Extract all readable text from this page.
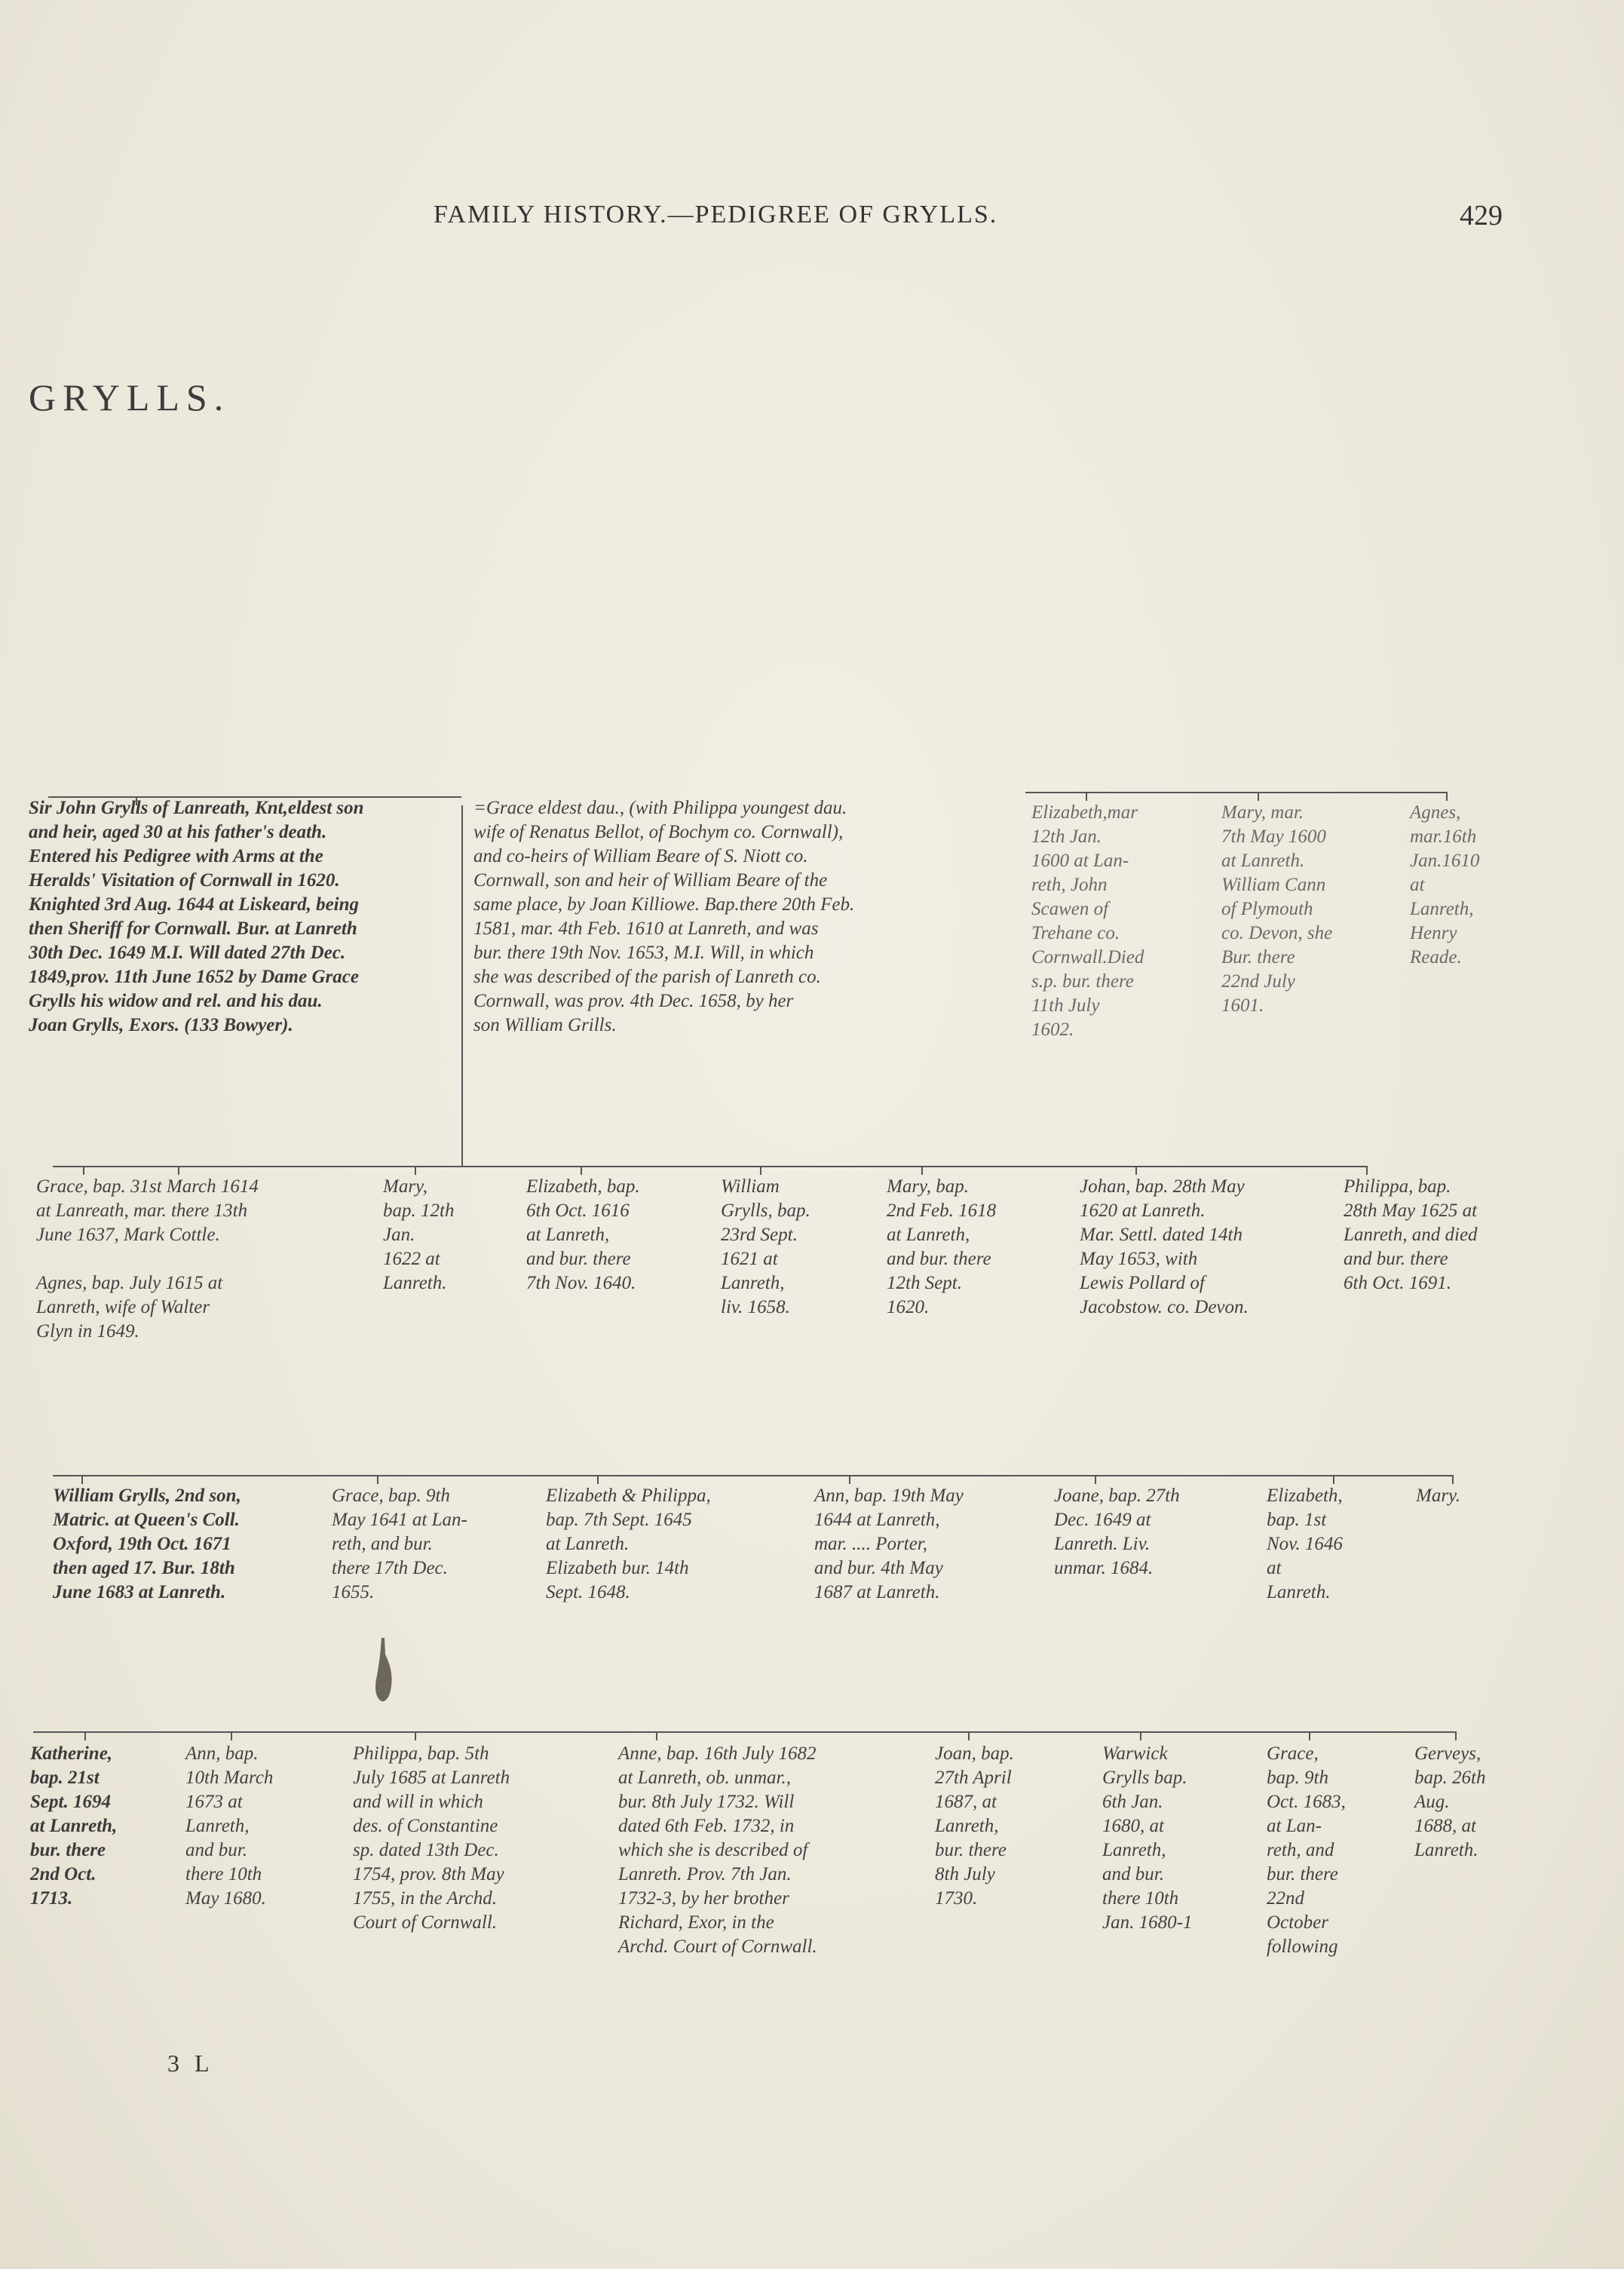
FAMILY HISTORY.—PEDIGREE OF GRYLLS.	429
GRYLLS.
Sir John Grylls of Lanreath, Knt,eldest son
and heir, aged 30 at his father's death.
Entered his Pedigree with Arms at the
Heralds' Visitation of Cornwall in 1620.
Knighted 3rd Aug. 1644 at Liskeard, being
then Sheriff for Cornwall. Bur. at Lanreth
30th Dec. 1649 M.I. Will dated 27th Dec.
1849,prov. 11th June 1652 by Dame Grace
Grylls his widow and rel. and his dau.
Joan Grylls, Exors. (133 Bowyer).
=Grace eldest dau., (with Philippa youngest dau.
wife of Renatus Bellot, of Bochym co. Cornwall),
and co-heirs of William Beare of S. Niott co.
Cornwall, son and heir of William Beare of the
same place, by Joan Killiowe. Bap.there 20th Feb.
1581, mar. 4th Feb. 1610 at Lanreth, and was
bur. there 19th Nov. 1653, M.I. Will, in which
she was described of the parish of Lanreth co.
Cornwall, was prov. 4th Dec. 1658, by her
son William Grills.
Elizabeth,mar
12th Jan.
1600 at Lan-
reth, John
Scawen of
Trehane co.
Cornwall.Died
s.p. bur. there
11th July
1602.
Mary, mar.
7th May 1600
at Lanreth.
William Cann
of Plymouth
co. Devon, she
Bur. there
22nd July
1601.
Agnes,
mar.16th
Jan.1610
at
Lanreth,
Henry
Reade.
Grace, bap. 31st March 1614
at Lanreath, mar. there 13th
June 1637, Mark Cottle.
Agnes, bap. July 1615 at
Lanreth, wife of Walter
Glyn in 1649.
Mary,
bap. 12th
Jan.
1622 at
Lanreth.
Elizabeth, bap.
6th Oct. 1616
at Lanreth,
and bur. there
7th Nov. 1640.
William
Grylls, bap.
23rd Sept.
1621 at
Lanreth,
liv. 1658.
Mary, bap.
2nd Feb. 1618
at Lanreth,
and bur. there
12th Sept.
1620.
Johan, bap. 28th May
1620 at Lanreth.
Mar. Settl. dated 14th
May 1653, with
Lewis Pollard of
Jacobstow. co. Devon.
Philippa, bap.
28th May 1625 at
Lanreth, and died
and bur. there
6th Oct. 1691.
William Grylls, 2nd son,
Matric. at Queen's Coll.
Oxford, 19th Oct. 1671
then aged 17. Bur. 18th
June 1683 at Lanreth.
Grace, bap. 9th
May 1641 at Lan-
reth, and bur.
there 17th Dec.
1655.
Elizabeth & Philippa,
bap. 7th Sept. 1645
at Lanreth.
Elizabeth bur. 14th
Sept. 1648.
Ann, bap. 19th May
1644 at Lanreth,
mar. .... Porter,
and bur. 4th May
1687 at Lanreth.
Joane, bap. 27th
Dec. 1649 at
Lanreth. Liv.
unmar. 1684.
Elizabeth,
bap. 1st
Nov. 1646
at
Lanreth.
Mary.
Katherine,
bap. 21st
Sept. 1694
at Lanreth,
bur. there
2nd Oct.
1713.
Ann, bap.
10th March
1673 at
Lanreth,
and bur.
there 10th
May 1680.
Philippa, bap. 5th
July 1685 at Lanreth
and will in which
des. of Constantine
sp. dated 13th Dec.
1754, prov. 8th May
1755, in the Archd.
Court of Cornwall.
Anne, bap. 16th July 1682
at Lanreth, ob. unmar.,
bur. 8th July 1732. Will
dated 6th Feb. 1732, in
which she is described of
Lanreth. Prov. 7th Jan.
1732-3, by her brother
Richard, Exor, in the
Archd. Court of Cornwall.
Joan, bap.
27th April
1687, at
Lanreth,
bur. there
8th July
1730.
Warwick
Grylls bap.
6th Jan.
1680, at
Lanreth,
and bur.
there 10th
Jan. 1680-1
Grace,
bap. 9th
Oct. 1683,
at Lan-
reth, and
bur. there
22nd
October
following
Gerveys,
bap. 26th
Aug.
1688, at
Lanreth.
3 L
